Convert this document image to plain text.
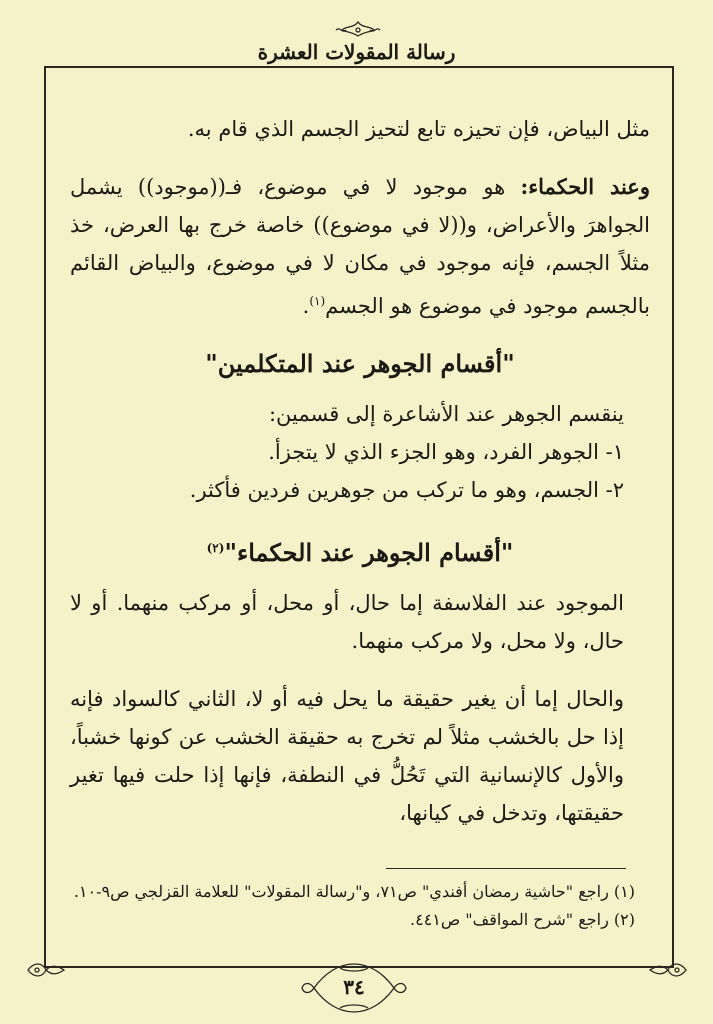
رسالة المقولات العشرة

مثل البياض، فإن تحيزه تابع لتحيز الجسم الذي قام به.

وعند الحكماء: هو موجود لا في موضوع، فـ((موجود)) يشمل الجواهرَ والأعراض، و((لا في موضوع)) خاصة خرج بها العرض، خذ مثلاً الجسم، فإنه موجود في مكان لا في موضوع، والبياض القائم بالجسم موجود في موضوع هو الجسم$^{(١)}$.

"أقسام الجوهر عند المتكلمين"

ينقسم الجوهر عند الأشاعرة إلى قسمين:

١- الجوهر الفرد، وهو الجزء الذي لا يتجزأ.

٢- الجسم، وهو ما تركب من جوهرين فردين فأكثر.

"أقسام الجوهر عند الحكماء"$^{(٢)}$

الموجود عند الفلاسفة إما حال، أو محل، أو مركب منهما. أو لا حال، ولا محل، ولا مركب منهما.

والحال إما أن يغير حقيقة ما يحل فيه أو لا، الثاني كالسواد فإنه إذا حل بالخشب مثلاً لم تخرج به حقيقة الخشب عن كونها خشباً، والأول كالإنسانية التي تَحُلُّ في النطفة، فإنها إذا حلت فيها تغير حقيقتها، وتدخل في كيانها،

(١) راجع "حاشية رمضان أفندي" ص٧١، و"رسالة المقولات" للعلامة القزلجي ص٩-١٠.

(٢) راجع "شرح المواقف" ص٤٤١.

٣٤
